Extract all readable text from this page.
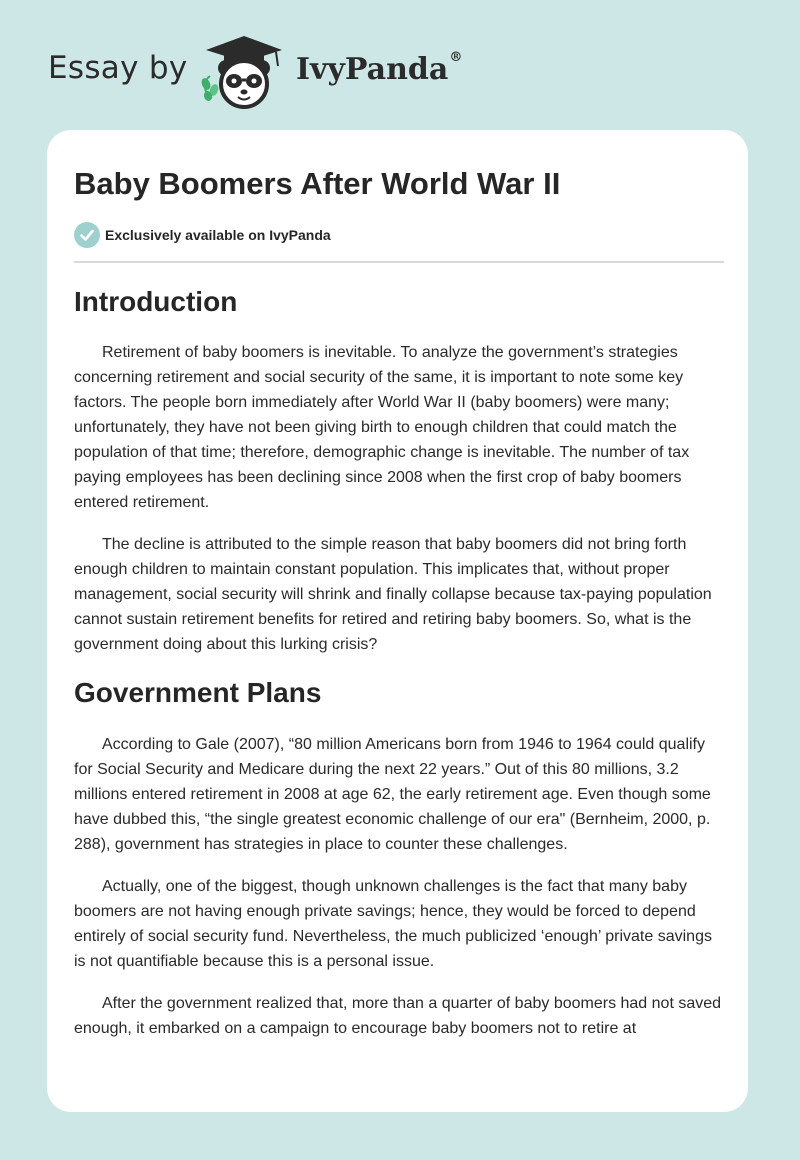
Essay by	IvyPanda®
Baby Boomers After World War II
Exclusively available on IvyPanda
Introduction

Retirement of baby boomers is inevitable. To analyze the government’s strategies concerning retirement and social security of the same, it is important to note some key factors. The people born immediately after World War II (baby boomers) were many; unfortunately, they have not been giving birth to enough children that could match the population of that time; therefore, demographic change is inevitable. The number of tax paying employees has been declining since 2008 when the first crop of baby boomers entered retirement.

The decline is attributed to the simple reason that baby boomers did not bring forth enough children to maintain constant population. This implicates that, without proper management, social security will shrink and finally collapse because tax-paying population cannot sustain retirement benefits for retired and retiring baby boomers. So, what is the government doing about this lurking crisis?

Government Plans

According to Gale (2007), “80 million Americans born from 1946 to 1964 could qualify for Social Security and Medicare during the next 22 years.” Out of this 80 millions, 3.2 millions entered retirement in 2008 at age 62, the early retirement age. Even though some have dubbed this, “the single greatest economic challenge of our era" (Bernheim, 2000, p. 288), government has strategies in place to counter these challenges.

Actually, one of the biggest, though unknown challenges is the fact that many baby boomers are not having enough private savings; hence, they would be forced to depend entirely of social security fund. Nevertheless, the much publicized ‘enough’ private savings is not quantifiable because this is a personal issue.

After the government realized that, more than a quarter of baby boomers had not saved enough, it embarked on a campaign to encourage baby boomers not to retire at
